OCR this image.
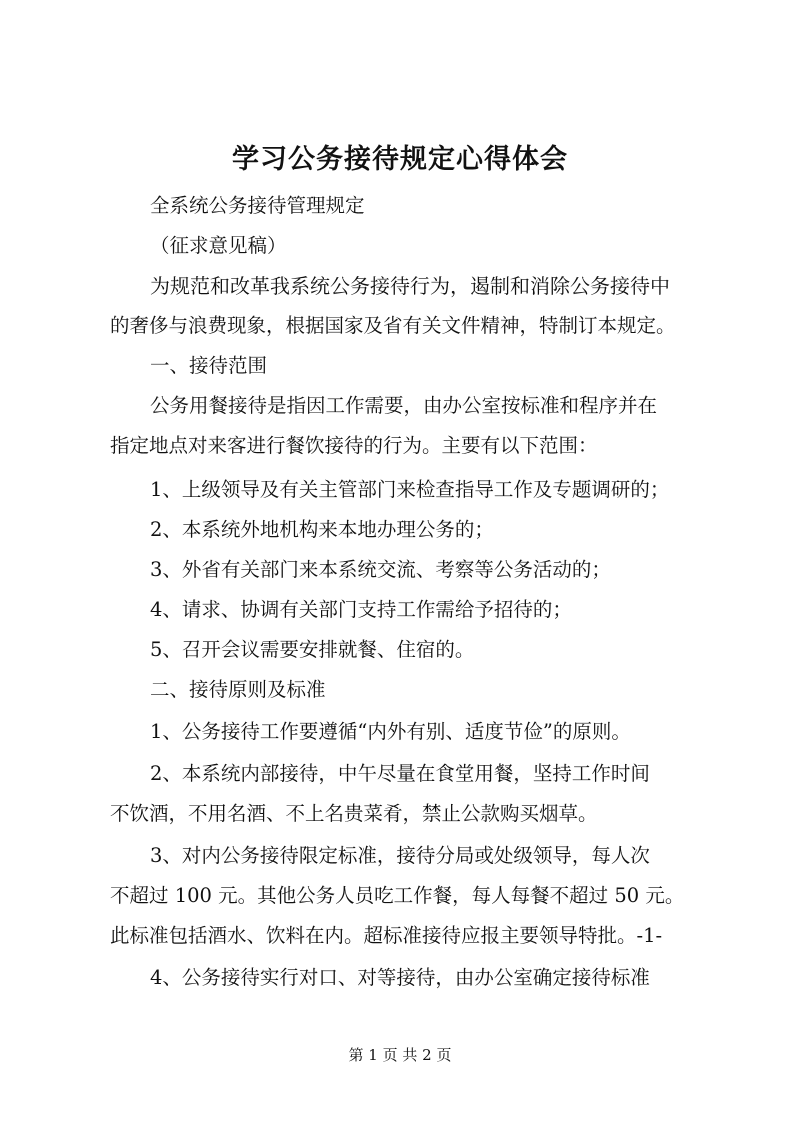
学习公务接待规定心得体会
全系统公务接待管理规定
（征求意见稿）
为规范和改革我系统公务接待行为，遏制和消除公务接待中
的奢侈与浪费现象，根据国家及省有关文件精神，特制订本规定。
一、接待范围
公务用餐接待是指因工作需要，由办公室按标准和程序并在
指定地点对来客进行餐饮接待的行为。主要有以下范围：
1、上级领导及有关主管部门来检查指导工作及专题调研的；
2、本系统外地机构来本地办理公务的；
3、外省有关部门来本系统交流、考察等公务活动的；
4、请求、协调有关部门支持工作需给予招待的；
5、召开会议需要安排就餐、住宿的。
二、接待原则及标准
1、公务接待工作要遵循“内外有别、适度节俭”的原则。
2、本系统内部接待，中午尽量在食堂用餐，坚持工作时间
不饮酒，不用名酒、不上名贵菜肴，禁止公款购买烟草。
3、对内公务接待限定标准，接待分局或处级领导，每人次
不超过 100 元。其他公务人员吃工作餐，每人每餐不超过 50 元。
此标准包括酒水、饮料在内。超标准接待应报主要领导特批。-1-
4、公务接待实行对口、对等接待，由办公室确定接待标准
第 1 页 共 2 页
